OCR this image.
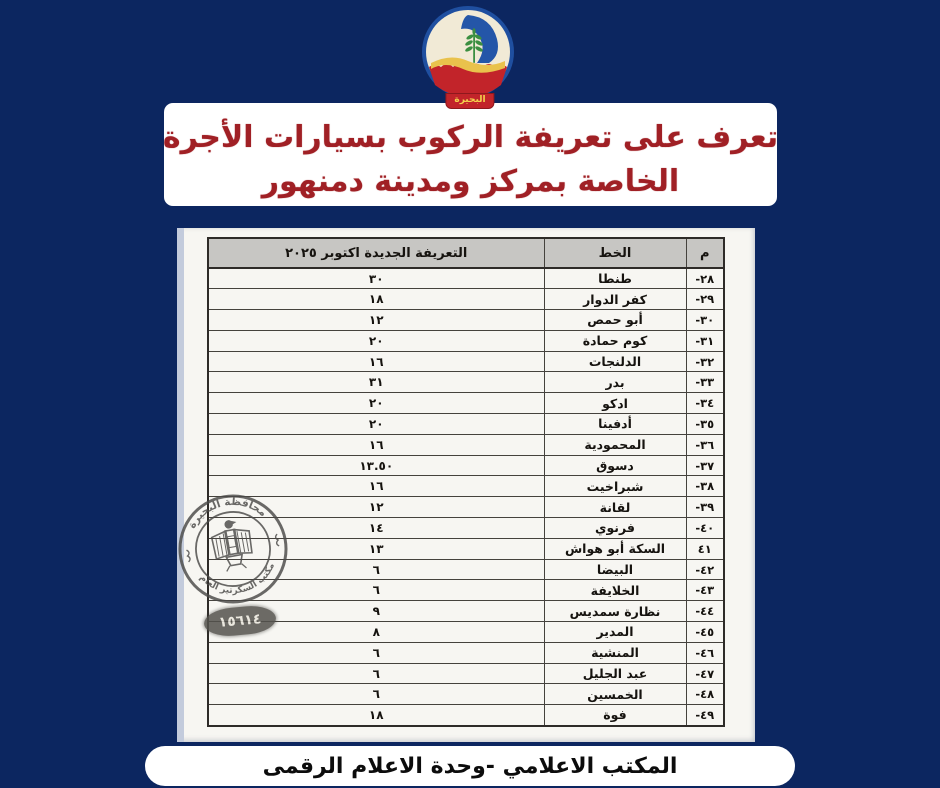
البحيرة
تعرف على تعريفة الركوب بسيارات الأجرة
الخاصة بمركز ومدينة دمنهور
م	الخط	التعريفة الجديدة اكتوبر ٢٠٢٥
-٢٨	طنطا	٣٠
-٢٩	كفر الدوار	١٨
-٣٠	أبو حمص	١٢
-٣١	كوم حمادة	٢٠
-٣٢	الدلنجات	١٦
-٣٣	بدر	٣١
-٣٤	ادكو	٢٠
-٣٥	أدفينا	٢٠
-٣٦	المحمودية	١٦
-٣٧	دسوق	١٣.٥٠
-٣٨	شبراخيت	١٦
-٣٩	لقانة	١٢
-٤٠	فرنوي	١٤
٤١	السكة أبو هواش	١٣
-٤٢	البيضا	٦
-٤٣	الخلايفة	٦
-٤٤	نظارة سمديس	٩
-٤٥	المدير	٨
-٤٦	المنشية	٦
-٤٧	عبد الجليل	٦
-٤٨	الخمسين	٦
-٤٩	فوة	١٨
محافظة البحيرة
مكتب السكرتير العام
١٥٦١٤
المكتب الاعلامي -وحدة الاعلام الرقمى
